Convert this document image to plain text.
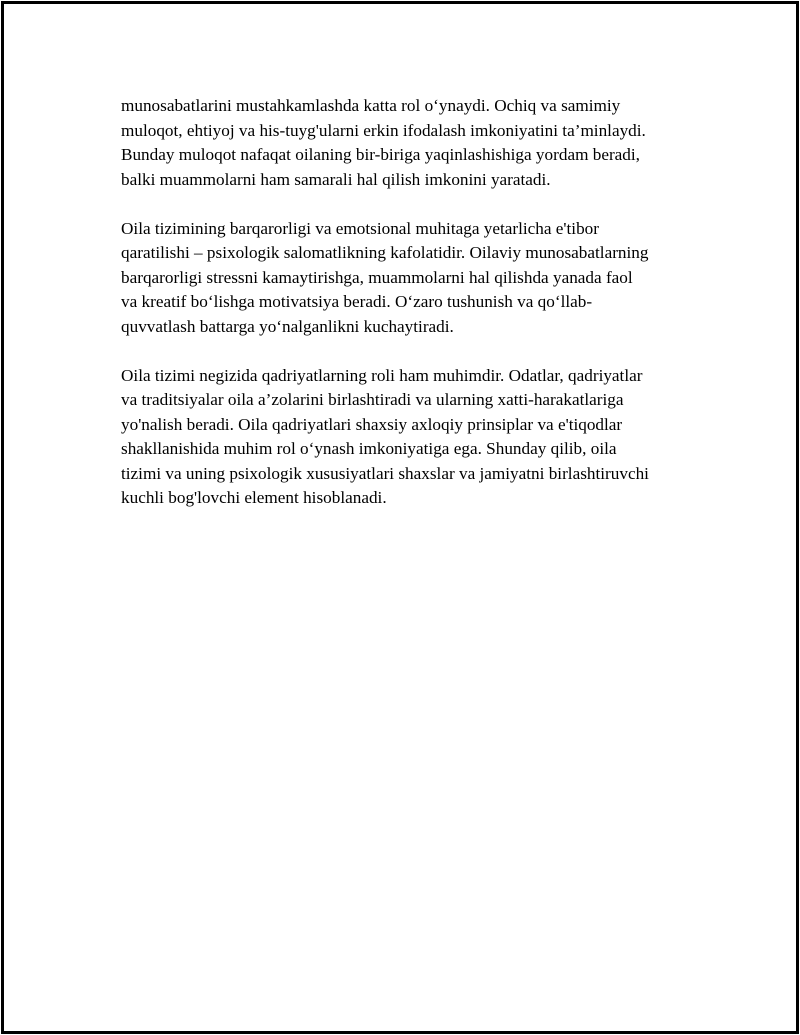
munosabatlarini mustahkamlashda katta rol o‘ynaydi. Ochiq va samimiy
muloqot, ehtiyoj va his-tuyg'ularni erkin ifodalash imkoniyatini ta’minlaydi.
Bunday muloqot nafaqat oilaning bir-biriga yaqinlashishiga yordam beradi,
balki muammolarni ham samarali hal qilish imkonini yaratadi.

Oila tizimining barqarorligi va emotsional muhitaga yetarlicha e'tibor
qaratilishi – psixologik salomatlikning kafolatidir. Oilaviy munosabatlarning
barqarorligi stressni kamaytirishga, muammolarni hal qilishda yanada faol
va kreatif bo‘lishga motivatsiya beradi. O‘zaro tushunish va qo‘llab-
quvvatlash battarga yo‘nalganlikni kuchaytiradi.

Oila tizimi negizida qadriyatlarning roli ham muhimdir. Odatlar, qadriyatlar
va traditsiyalar oila a’zolarini birlashtiradi va ularning xatti-harakatlariga
yo'nalish beradi. Oila qadriyatlari shaxsiy axloqiy prinsiplar va e'tiqodlar
shakllanishida muhim rol o‘ynash imkoniyatiga ega. Shunday qilib, oila
tizimi va uning psixologik xususiyatlari shaxslar va jamiyatni birlashtiruvchi
kuchli bog'lovchi element hisoblanadi.
